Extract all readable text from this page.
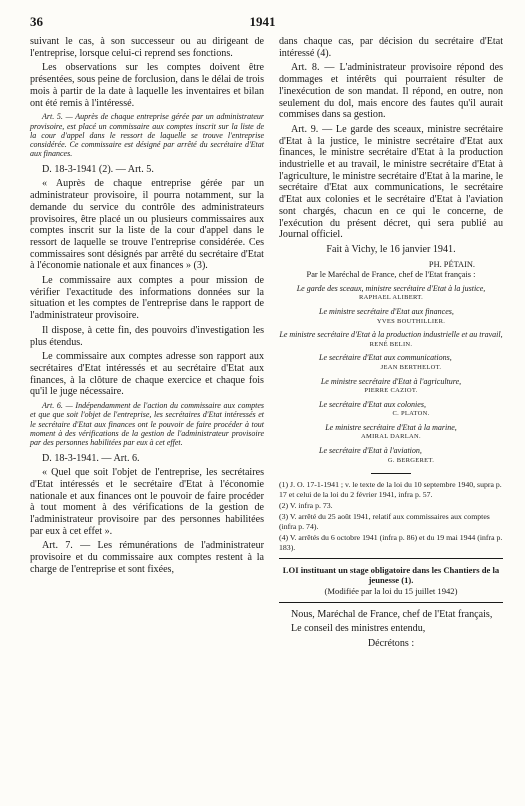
36	1941

suivant le cas, à son successeur ou au dirigeant de l'entreprise, lorsque celui-ci reprend ses fonctions.

Les observations sur les comptes doivent être présentées, sous peine de forclusion, dans le délai de trois mois à partir de la date à laquelle les inventaires et bilan ont été remis à l'intéressé.

Art. 5. — Auprès de chaque entreprise gérée par un administrateur provisoire, est placé un commissaire aux comptes inscrit sur la liste de la cour d'appel dans le ressort de laquelle se trouve l'entreprise considérée. Ce commissaire est désigné par arrêté du secrétaire d'Etat aux finances.

D. 18-3-1941 (2). — Art. 5.

« Auprès de chaque entreprise gérée par un administrateur provisoire, il pourra notamment, sur la demande du service du contrôle des administrateurs provisoires, être placé un ou plusieurs commissaires aux comptes inscrit sur la liste de la cour d'appel dans le ressort de laquelle se trouve l'entreprise considérée. Ces commissaires sont désignés par arrêté du secrétaire d'Etat à l'économie nationale et aux finances » (3).

Le commissaire aux comptes a pour mission de vérifier l'exactitude des informations données sur la situation et les comptes de l'entreprise dans le rapport de l'administrateur provisoire.

Il dispose, à cette fin, des pouvoirs d'investigation les plus étendus.

Le commissaire aux comptes adresse son rapport aux secrétaires d'Etat intéressés et au secrétaire d'Etat aux finances, à la clôture de chaque exercice et chaque fois qu'il le juge nécessaire.

Art. 6. — Indépendamment de l'action du commissaire aux comptes et que que soit l'objet de l'entreprise, les secrétaires d'Etat intéressés et le secrétaire d'Etat aux finances ont le pouvoir de faire procéder à tout moment à des vérifications de la gestion de l'administrateur provisoire par des personnes habilitées par eux à cet effet.

D. 18-3-1941. — Art. 6.

« Quel que soit l'objet de l'entreprise, les secrétaires d'Etat intéressés et le secrétaire d'Etat à l'économie nationale et aux finances ont le pouvoir de faire procéder à tout moment à des vérifications de la gestion de l'administrateur provisoire par des personnes habilitées par eux à cet effet ».

Art. 7. — Les rémunérations de l'administrateur provisoire et du commissaire aux comptes restent à la charge de l'entreprise et sont fixées,

dans chaque cas, par décision du secrétaire d'Etat intéressé (4).

Art. 8. — L'administrateur provisoire répond des dommages et intérêts qui pourraient résulter de l'inexécution de son mandat. Il répond, en outre, non seulement du dol, mais encore des fautes qu'il aurait commises dans sa gestion.

Art. 9. — Le garde des sceaux, ministre secrétaire d'Etat à la justice, le ministre secrétaire d'Etat aux finances, le ministre secrétaire d'Etat à la production industrielle et au travail, le ministre secrétaire d'Etat à l'agriculture, le ministre secrétaire d'Etat à la marine, le secrétaire d'Etat aux communications, le secrétaire d'Etat aux colonies et le secrétaire d'Etat à l'aviation sont chargés, chacun en ce qui le concerne, de l'exécution du présent décret, qui sera publié au Journal officiel.

Fait à Vichy, le 16 janvier 1941.

PH. PÉTAIN.
Par le Maréchal de France, chef de l'Etat français :
Le garde des sceaux, ministre secrétaire d'Etat à la justice,
RAPHAEL ALIBERT.
Le ministre secrétaire d'Etat aux finances,
YVES BOUTHILLIER.
Le ministre secrétaire d'Etat à la production industrielle et au travail,
RENÉ BELIN.
Le secrétaire d'Etat aux communications,
JEAN BERTHELOT.
Le ministre secrétaire d'Etat à l'agriculture,
PIERRE CAZIOT.
Le secrétaire d'Etat aux colonies,
C. PLATON.
Le ministre secrétaire d'Etat à la marine,
AMIRAL DARLAN.
Le secrétaire d'Etat à l'aviation,
G. BERGERET.
(1) J. O. 17-1-1941 ; v. le texte de la loi du 10 septembre 1940, supra p. 17 et celui de la loi du 2 février 1941, infra p. 57.
(2) V. infra p. 73.
(3) V. arrêté du 25 août 1941, relatif aux commissaires aux comptes (infra p. 74).
(4) V. arrêtés du 6 octobre 1941 (infra p. 86) et du 19 mai 1944 (infra p. 183).
LOI instituant un stage obligatoire dans les Chantiers de la jeunesse (1).
(Modifiée par la loi du 15 juillet 1942)

Nous, Maréchal de France, chef de l'Etat français,

Le conseil des ministres entendu,

Décrétons :
